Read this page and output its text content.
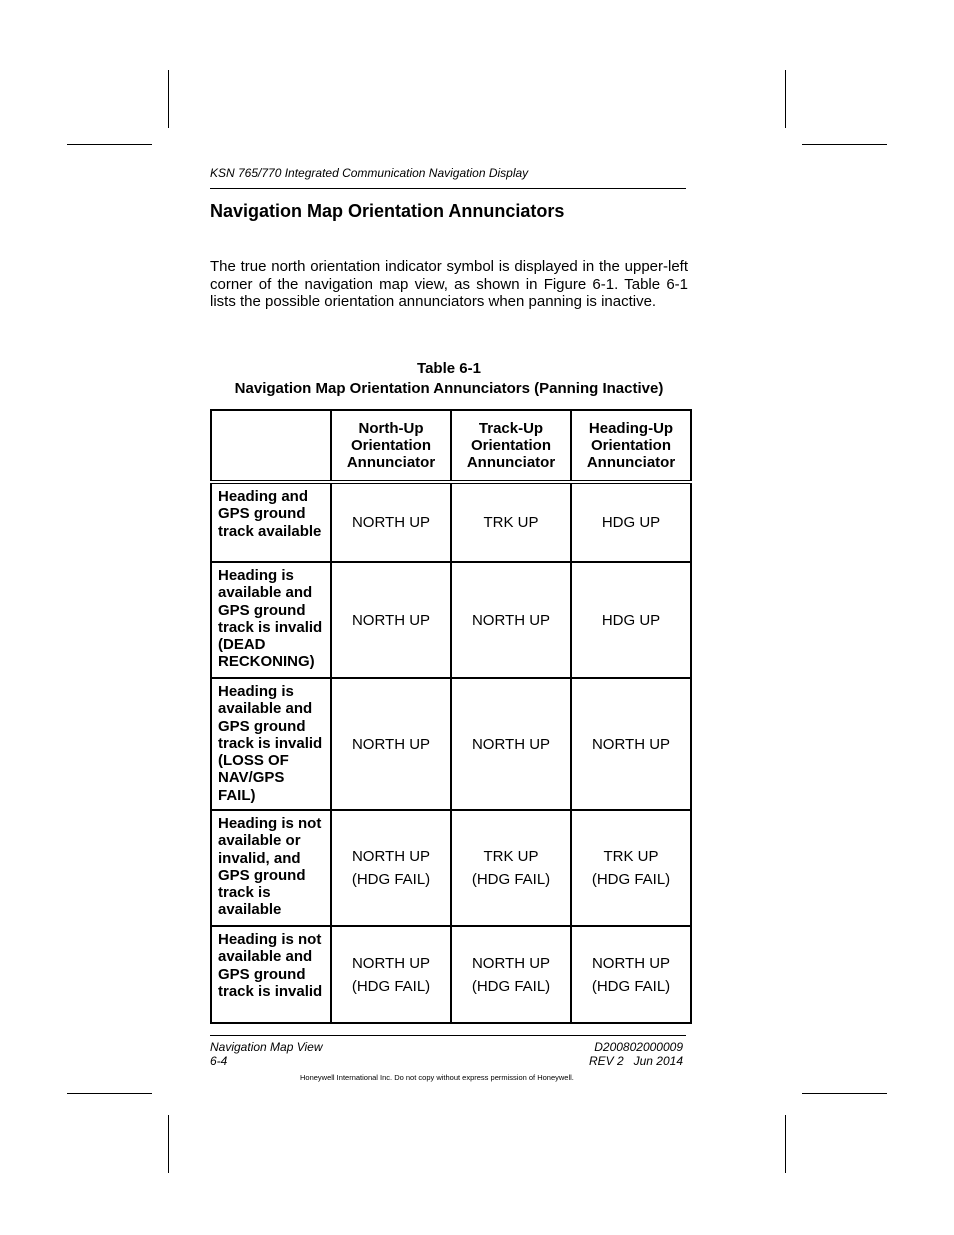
KSN 765/770 Integrated Communication Navigation Display
Navigation Map Orientation Annunciators

The true north orientation indicator symbol is displayed in the upper-left corner of the navigation map view, as shown in Figure 6-1. Table 6-1 lists the possible orientation annunciators when panning is inactive.

Table 6-1
Navigation Map Orientation Annunciators (Panning Inactive)
	North-Up Orientation Annunciator	Track-Up Orientation Annunciator	Heading-Up Orientation Annunciator
Heading and GPS ground track available	NORTH UP	TRK UP	HDG UP
Heading is available and GPS ground track is invalid (DEAD RECKONING)	NORTH UP	NORTH UP	HDG UP
Heading is available and GPS ground track is invalid (LOSS OF NAV/GPS FAIL)	NORTH UP	NORTH UP	NORTH UP
Heading is not available or invalid, and GPS ground track is available	NORTH UP (HDG FAIL)	TRK UP (HDG FAIL)	TRK UP (HDG FAIL)
Heading is not available and GPS ground track is invalid	NORTH UP (HDG FAIL)	NORTH UP (HDG FAIL)	NORTH UP (HDG FAIL)
Navigation Map View
6-4
D200802000009
REV 2   Jun 2014
Honeywell International Inc. Do not copy without express permission of Honeywell.
